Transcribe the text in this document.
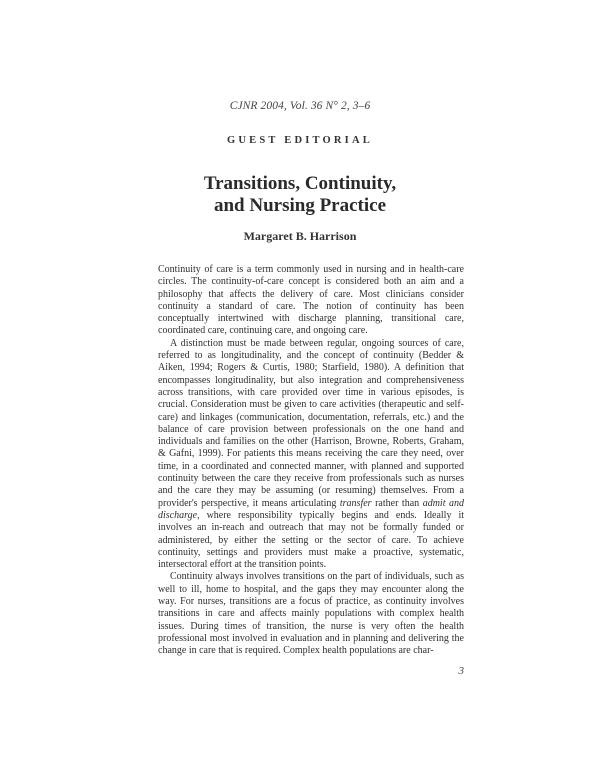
CJNR 2004, Vol. 36 N° 2, 3–6
GUEST EDITORIAL
Transitions, Continuity,
and Nursing Practice
Margaret B. Harrison

Continuity of care is a term commonly used in nursing and in health-care circles. The continuity-of-care concept is considered both an aim and a philosophy that affects the delivery of care. Most clinicians consider continuity a standard of care. The notion of continuity has been conceptually intertwined with discharge planning, transitional care, coordinated care, continuing care, and ongoing care.

A distinction must be made between regular, ongoing sources of care, referred to as longitudinality, and the concept of continuity (Bedder & Aiken, 1994; Rogers & Curtis, 1980; Starfield, 1980). A definition that encompasses longitudinality, but also integration and comprehensiveness across transitions, with care provided over time in various episodes, is crucial. Consideration must be given to care activities (therapeutic and self-care) and linkages (communication, documentation, referrals, etc.) and the balance of care provision between professionals on the one hand and individuals and families on the other (Harrison, Browne, Roberts, Graham, & Gafni, 1999). For patients this means receiving the care they need, over time, in a coordinated and connected manner, with planned and supported continuity between the care they receive from professionals such as nurses and the care they may be assuming (or resuming) themselves. From a provider's perspective, it means articulating transfer rather than admit and discharge, where responsibility typically begins and ends. Ideally it involves an in-reach and outreach that may not be formally funded or administered, by either the setting or the sector of care. To achieve continuity, settings and providers must make a proactive, systematic, intersectoral effort at the transition points.

Continuity always involves transitions on the part of individuals, such as well to ill, home to hospital, and the gaps they may encounter along the way. For nurses, transitions are a focus of practice, as continuity involves transitions in care and affects mainly populations with complex health issues. During times of transition, the nurse is very often the health professional most involved in evaluation and in planning and delivering the change in care that is required. Complex health populations are char-

3
